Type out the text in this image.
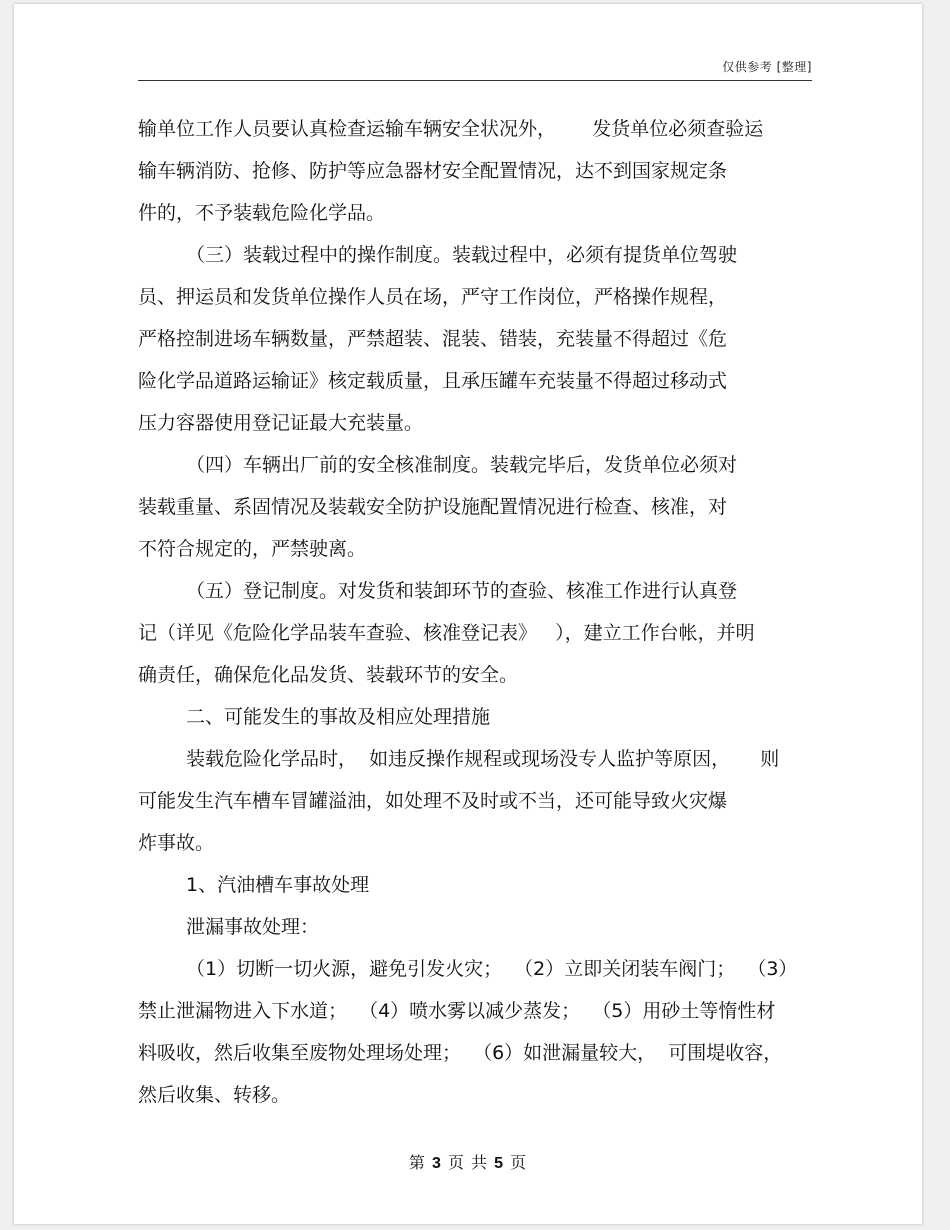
仅供参考 [整理]
输单位工作人员要认真检查运输车辆安全状况外，      发货单位必须查验运
输车辆消防、抢修、防护等应急器材安全配置情况，达不到国家规定条
件的，不予装载危险化学品。
（三）装载过程中的操作制度。装载过程中，必须有提货单位驾驶
员、押运员和发货单位操作人员在场，严守工作岗位，严格操作规程，
严格控制进场车辆数量，严禁超装、混装、错装，充装量不得超过《危
险化学品道路运输证》核定载质量，且承压罐车充装量不得超过移动式
压力容器使用登记证最大充装量。
（四）车辆出厂前的安全核准制度。装载完毕后，发货单位必须对
装载重量、系固情况及装载安全防护设施配置情况进行检查、核准，对
不符合规定的，严禁驶离。
（五）登记制度。对发货和装卸环节的查验、核准工作进行认真登
记（详见《危险化学品装车查验、核准登记表》   ），建立工作台帐，并明
确责任，确保危化品发货、装载环节的安全。
二、可能发生的事故及相应处理措施
装载危险化学品时，  如违反操作规程或现场没专人监护等原因，     则
可能发生汽车槽车冒罐溢油，如处理不及时或不当，还可能导致火灾爆
炸事故。
1、汽油槽车事故处理
泄漏事故处理：
（1）切断一切火源，避免引发火灾；  （2）立即关闭装车阀门；  （3）
禁止泄漏物进入下水道；  （4）喷水雾以减少蒸发；  （5）用砂土等惰性材
料吸收，然后收集至废物处理场处理；  （6）如泄漏量较大，  可围堤收容，
然后收集、转移。
第 3 页 共 5 页
